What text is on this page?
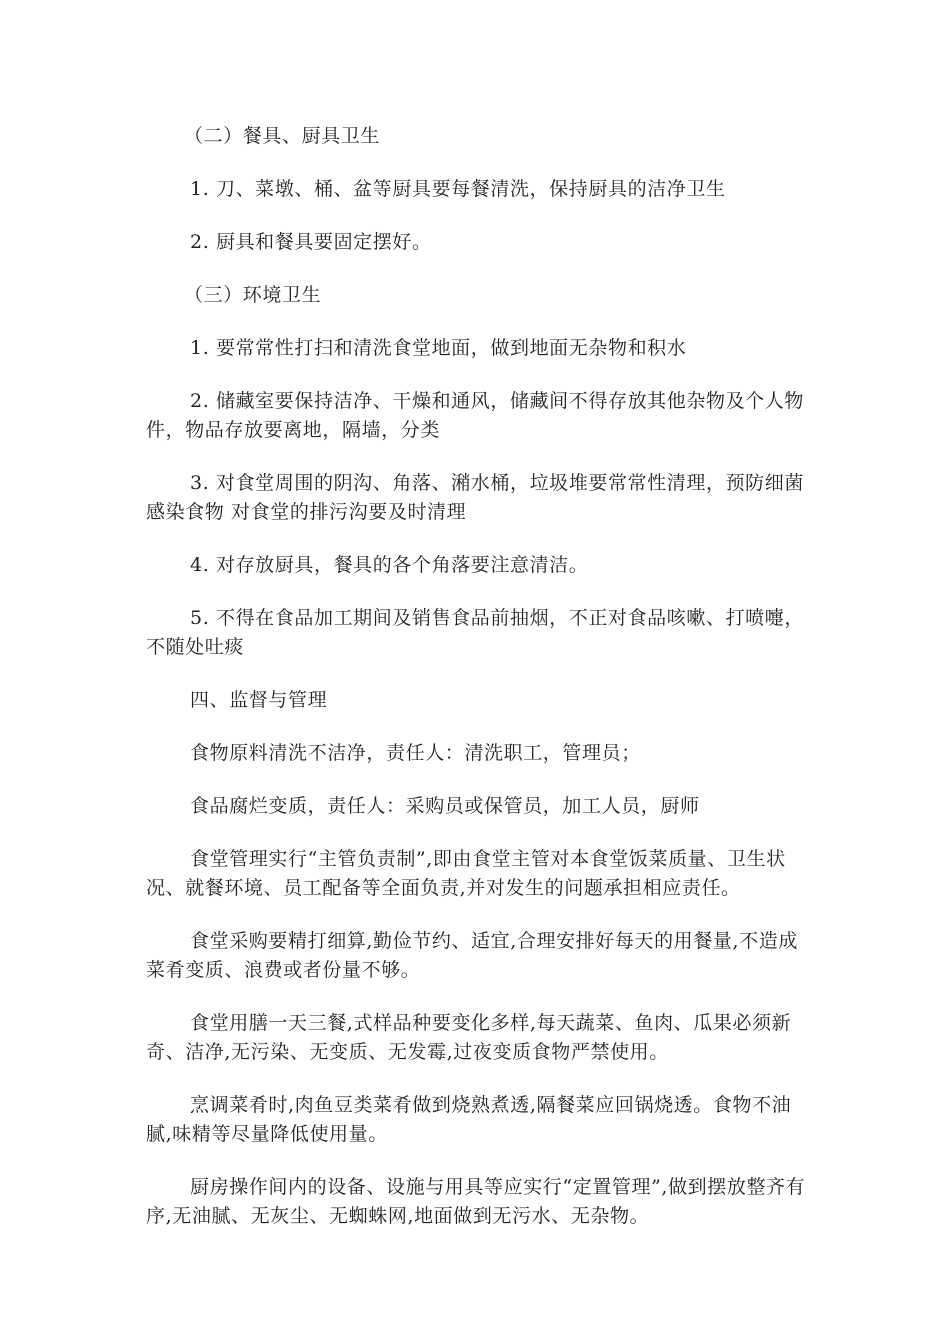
（二）餐具、厨具卫生

1. 刀、菜墩、桶、盆等厨具要每餐清洗，保持厨具的洁净卫生

2. 厨具和餐具要固定摆好。

（三）环境卫生

1. 要常常性打扫和清洗食堂地面，做到地面无杂物和积水

2. 储藏室要保持洁净、干燥和通风，储藏间不得存放其他杂物及个人物件，物品存放要离地，隔墙，分类

3. 对食堂周围的阴沟、角落、潲水桶，垃圾堆要常常性清理，预防细菌感染食物 对食堂的排污沟要及时清理

4. 对存放厨具，餐具的各个角落要注意清洁。

5. 不得在食品加工期间及销售食品前抽烟，不正对食品咳嗽、打喷嚏，不随处吐痰

四、监督与管理

食物原料清洗不洁净，责任人：清洗职工，管理员；

食品腐烂变质，责任人：采购员或保管员，加工人员，厨师

食堂管理实行“主管负责制”,即由食堂主管对本食堂饭菜质量、卫生状况、就餐环境、员工配备等全面负责,并对发生的问题承担相应责任。

食堂采购要精打细算,勤俭节约、适宜,合理安排好每天的用餐量,不造成菜肴变质、浪费或者份量不够。

食堂用膳一天三餐,式样品种要变化多样,每天蔬菜、鱼肉、瓜果必须新奇、洁净,无污染、无变质、无发霉,过夜变质食物严禁使用。

烹调菜肴时,肉鱼豆类菜肴做到烧熟煮透,隔餐菜应回锅烧透。食物不油腻,味精等尽量降低使用量。

厨房操作间内的设备、设施与用具等应实行“定置管理”,做到摆放整齐有序,无油腻、无灰尘、无蜘蛛网,地面做到无污水、无杂物。
